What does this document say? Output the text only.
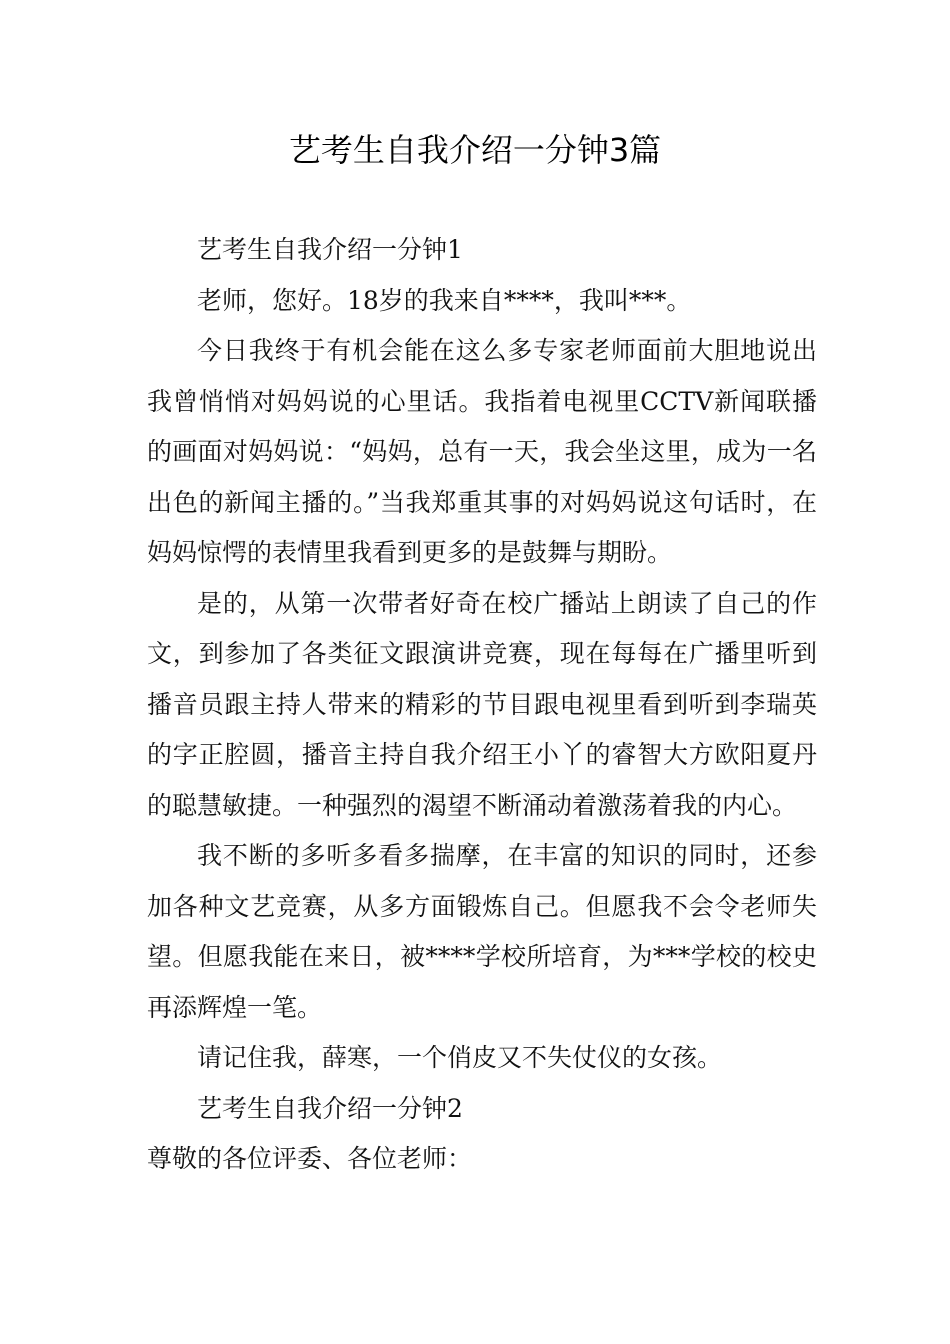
艺考生自我介绍一分钟3篇

艺考生自我介绍一分钟1

老师，您好。18岁的我来自****，我叫***。

今日我终于有机会能在这么多专家老师面前大胆地说出我曾悄悄对妈妈说的心里话。我指着电视里CCTV新闻联播的画面对妈妈说：“妈妈，总有一天，我会坐这里，成为一名出色的新闻主播的。”当我郑重其事的对妈妈说这句话时，在妈妈惊愕的表情里我看到更多的是鼓舞与期盼。

是的，从第一次带者好奇在校广播站上朗读了自己的作文，到参加了各类征文跟演讲竞赛，现在每每在广播里听到播音员跟主持人带来的精彩的节目跟电视里看到听到李瑞英的字正腔圆，播音主持自我介绍王小丫的睿智大方欧阳夏丹的聪慧敏捷。一种强烈的渴望不断涌动着激荡着我的内心。

我不断的多听多看多揣摩，在丰富的知识的同时，还参加各种文艺竞赛，从多方面锻炼自己。但愿我不会令老师失望。但愿我能在来日，被****学校所培育，为***学校的校史再添辉煌一笔。

请记住我，薛寒，一个俏皮又不失仗仪的女孩。

艺考生自我介绍一分钟2

尊敬的各位评委、各位老师：
